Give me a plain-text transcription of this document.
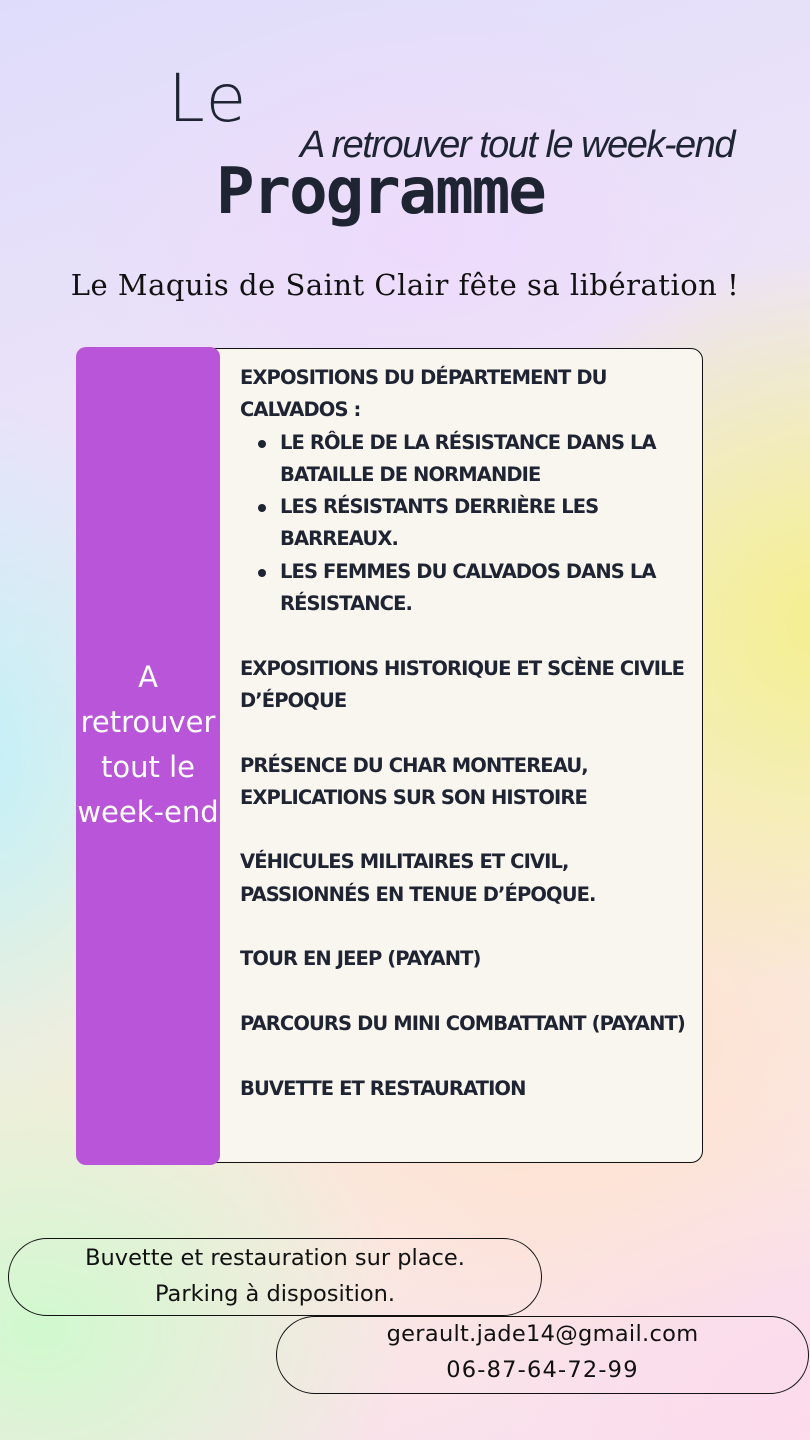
Le
A retrouver tout le week-end
Programme
Le Maquis de Saint Clair fête sa libération !
A retrouver tout le week-end
EXPOSITIONS DU DÉPARTEMENT DU CALVADOS :
LE RÔLE DE LA RÉSISTANCE DANS LA BATAILLE DE NORMANDIE
LES RÉSISTANTS DERRIÈRE LES BARREAUX.
LES FEMMES DU CALVADOS DANS LA RÉSISTANCE.
EXPOSITIONS HISTORIQUE ET SCÈNE CIVILE D’ÉPOQUE
PRÉSENCE DU CHAR MONTEREAU, EXPLICATIONS SUR SON HISTOIRE
VÉHICULES MILITAIRES ET CIVIL, PASSIONNÉS EN TENUE D’ÉPOQUE.
TOUR EN JEEP (PAYANT)
PARCOURS DU MINI COMBATTANT (PAYANT)
BUVETTE ET RESTAURATION
Buvette et restauration sur place.
Parking à disposition.
gerault.jade14@gmail.com
06-87-64-72-99
